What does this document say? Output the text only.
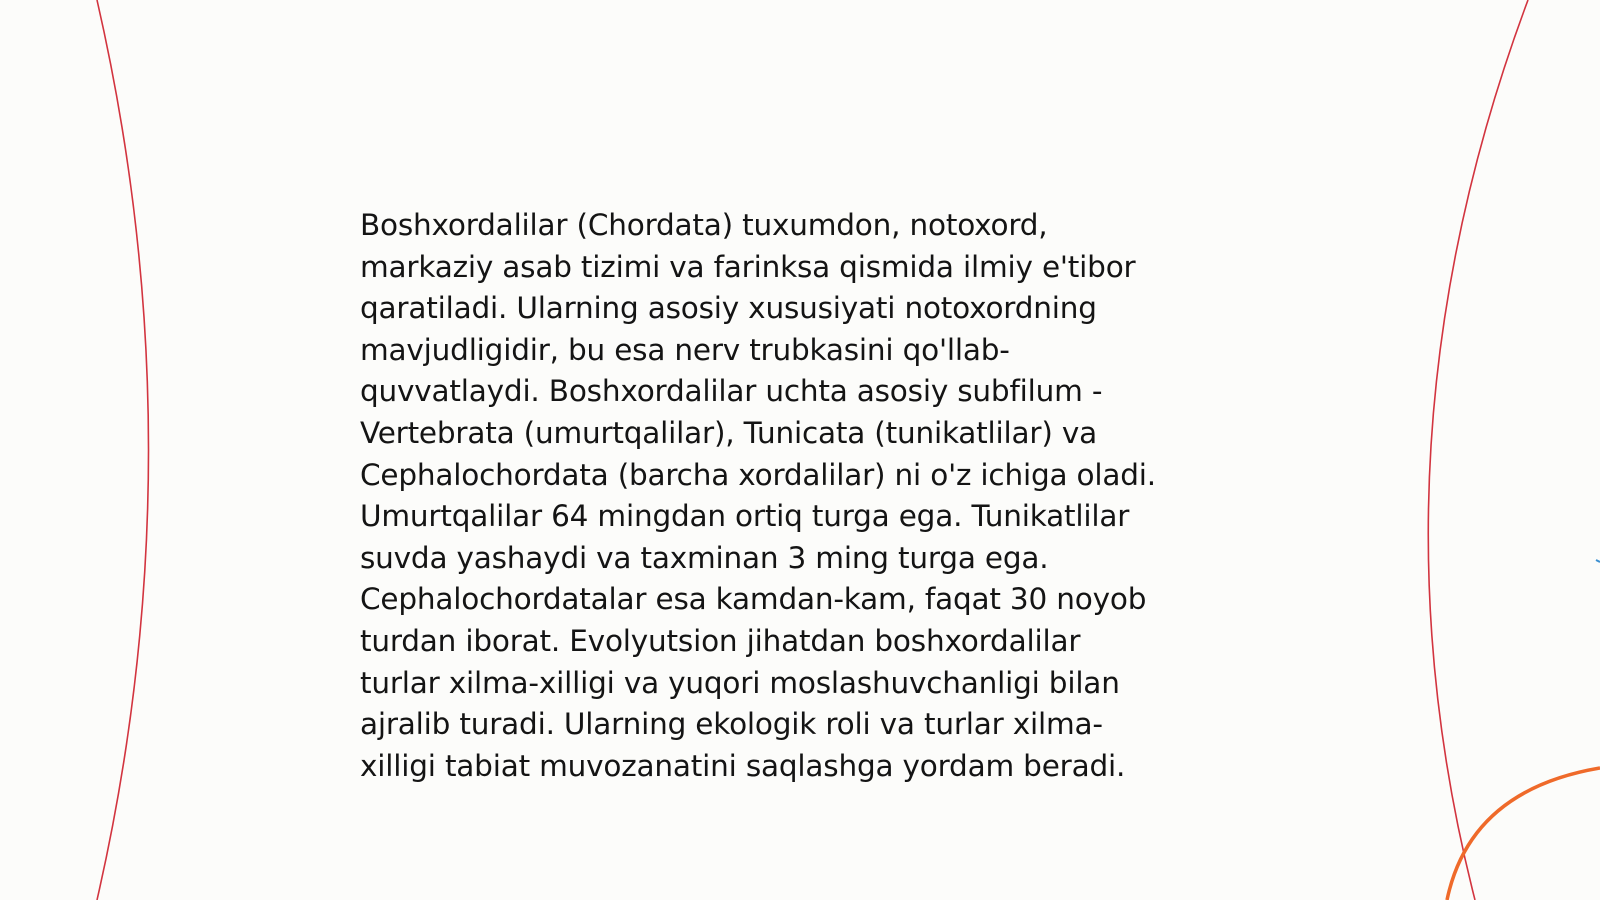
Boshxordalilar (Chordata) tuxumdon, notoxord,
markaziy asab tizimi va farinksa qismida ilmiy e'tibor
qaratiladi. Ularning asosiy xususiyati notoxordning
mavjudligidir, bu esa nerv trubkasini qo'llab-
quvvatlaydi. Boshxordalilar uchta asosiy subfilum -
Vertebrata (umurtqalilar), Tunicata (tunikatlilar) va
Cephalochordata (barcha xordalilar) ni o'z ichiga oladi.
Umurtqalilar 64 mingdan ortiq turga ega. Tunikatlilar
suvda yashaydi va taxminan 3 ming turga ega.
Cephalochordatalar esa kamdan-kam, faqat 30 noyob
turdan iborat. Evolyutsion jihatdan boshxordalilar
turlar xilma-xilligi va yuqori moslashuvchanligi bilan
ajralib turadi. Ularning ekologik roli va turlar xilma-
xilligi tabiat muvozanatini saqlashga yordam beradi.
